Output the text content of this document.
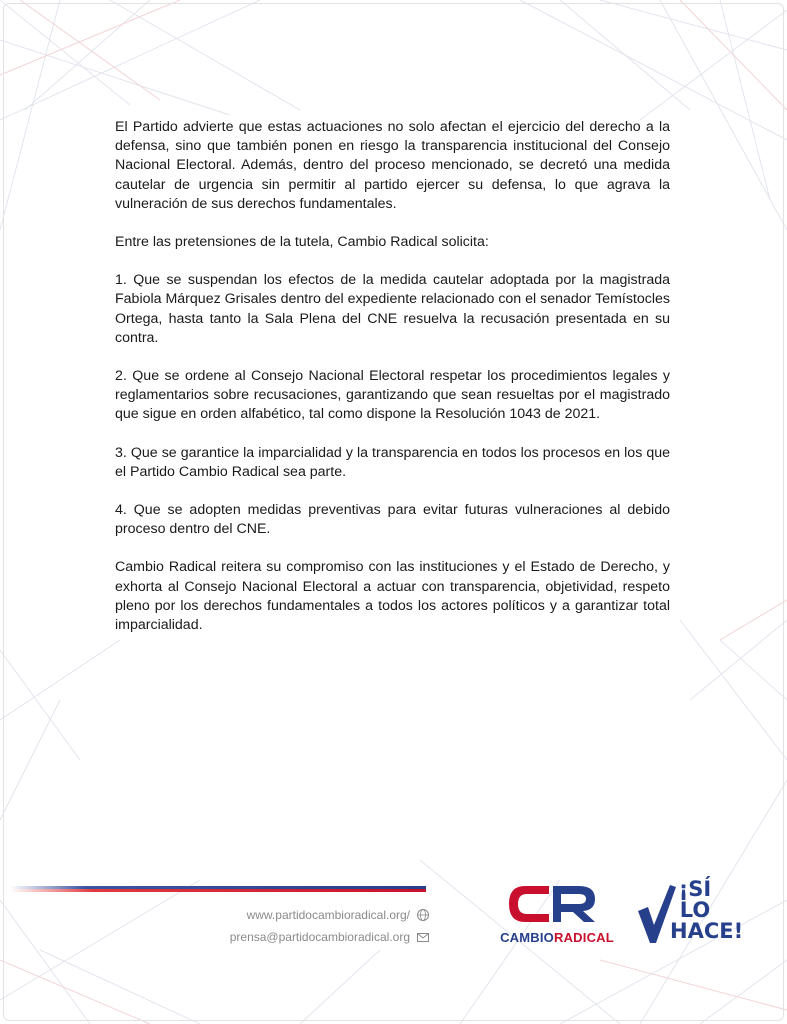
El Partido advierte que estas actuaciones no solo afectan el ejercicio del derecho a la defensa, sino que también ponen en riesgo la transparencia institucional del Consejo Nacional Electoral. Además, dentro del proceso mencionado, se decretó una medida cautelar de urgencia sin permitir al partido ejercer su defensa, lo que agrava la vulneración de sus derechos fundamentales.

Entre las pretensiones de la tutela, Cambio Radical solicita:

1. Que se suspendan los efectos de la medida cautelar adoptada por la magistrada Fabiola Márquez Grisales dentro del expediente relacionado con el senador Temístocles Ortega, hasta tanto la Sala Plena del CNE resuelva la recusación presentada en su contra.

2. Que se ordene al Consejo Nacional Electoral respetar los procedimientos legales y reglamentarios sobre recusaciones, garantizando que sean resueltas por el magistrado que sigue en orden alfabético, tal como dispone la Resolución 1043 de 2021.

3. Que se garantice la imparcialidad y la transparencia en todos los procesos en los que el Partido Cambio Radical sea parte.

4. Que se adopten medidas preventivas para evitar futuras vulneraciones al debido proceso dentro del CNE.

Cambio Radical reitera su compromiso con las instituciones y el Estado de Derecho, y exhorta al Consejo Nacional Electoral a actuar con transparencia, objetividad, respeto pleno por los derechos fundamentales a todos los actores políticos y a garantizar total imparcialidad.

www.partidocambioradical.org/
prensa@partidocambioradical.org	CAMBIORADICAL
¡SÍ
LO
HACE!
